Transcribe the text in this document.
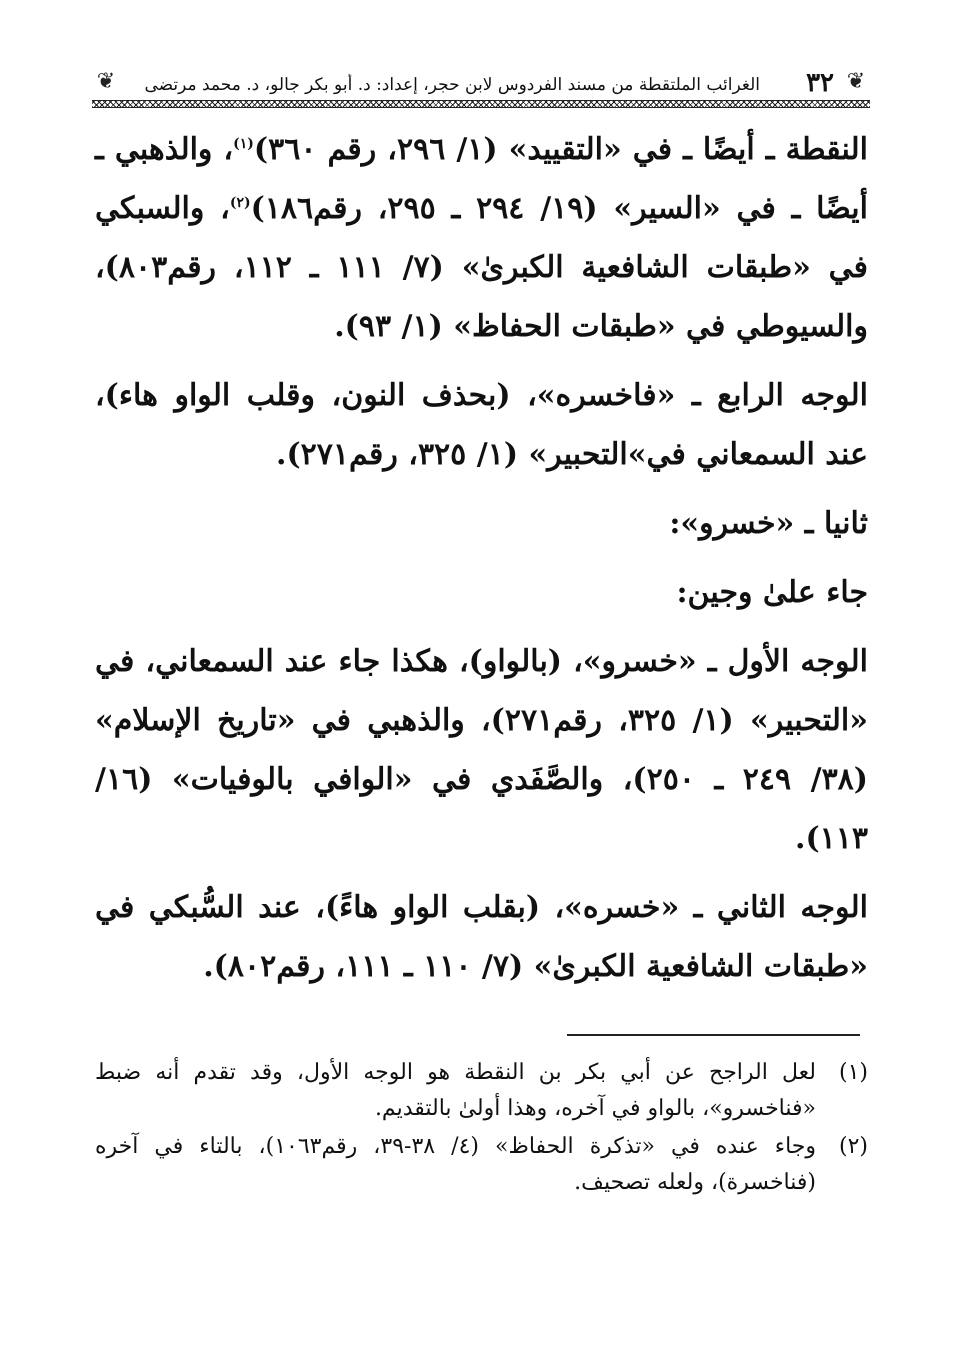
❦
٣٢
الغرائب الملتقطة من مسند الفردوس لابن حجر، إعداد: د. أبو بكر جالو، د. محمد مرتضى
❦

النقطة ـ أيضًا ـ في «التقييد» (١/ ٢٩٦، رقم ٣٦٠)$^{(١)}$، والذهبي ـ أيضًا ـ في «السير» (١٩/ ٢٩٤ ـ ٢٩٥، رقم١٨٦)$^{(٢)}$، والسبكي في «طبقات الشافعية الكبرىٰ» (٧/ ١١١ ـ ١١٢، رقم٨٠٣)، والسيوطي في «طبقات الحفاظ» (١/ ٩٣).

الوجه الرابع ـ «فاخسره»، (بحذف النون، وقلب الواو هاء)، عند السمعاني في»التحبير» (١/ ٣٢٥، رقم٢٧١).

ثانيا ـ «خسرو»:

جاء علىٰ وجين:

الوجه الأول ـ «خسرو»، (بالواو)، هكذا جاء عند السمعاني، في «التحبير» (١/ ٣٢٥، رقم٢٧١)، والذهبي في «تاريخ الإسلام» (٣٨/ ٢٤٩ ـ ٢٥٠)، والصَّفَدي في «الوافي بالوفيات» (١٦/ ١١٣).

الوجه الثاني ـ «خسره»، (بقلب الواو هاءً)، عند السُّبكي في «طبقات الشافعية الكبرىٰ» (٧/ ١١٠ ـ ١١١، رقم٨٠٢).

(١)
لعل الراجح عن أبي بكر بن النقطة هو الوجه الأول، وقد تقدم أنه ضبط «فناخسرو»، بالواو في آخره، وهذا أولىٰ بالتقديم.
(٢)
وجاء عنده في «تذكرة الحفاظ» (٤/ ٣٨-٣٩، رقم١٠٦٣)، بالتاء في آخره (فناخسرة)، ولعله تصحيف.
